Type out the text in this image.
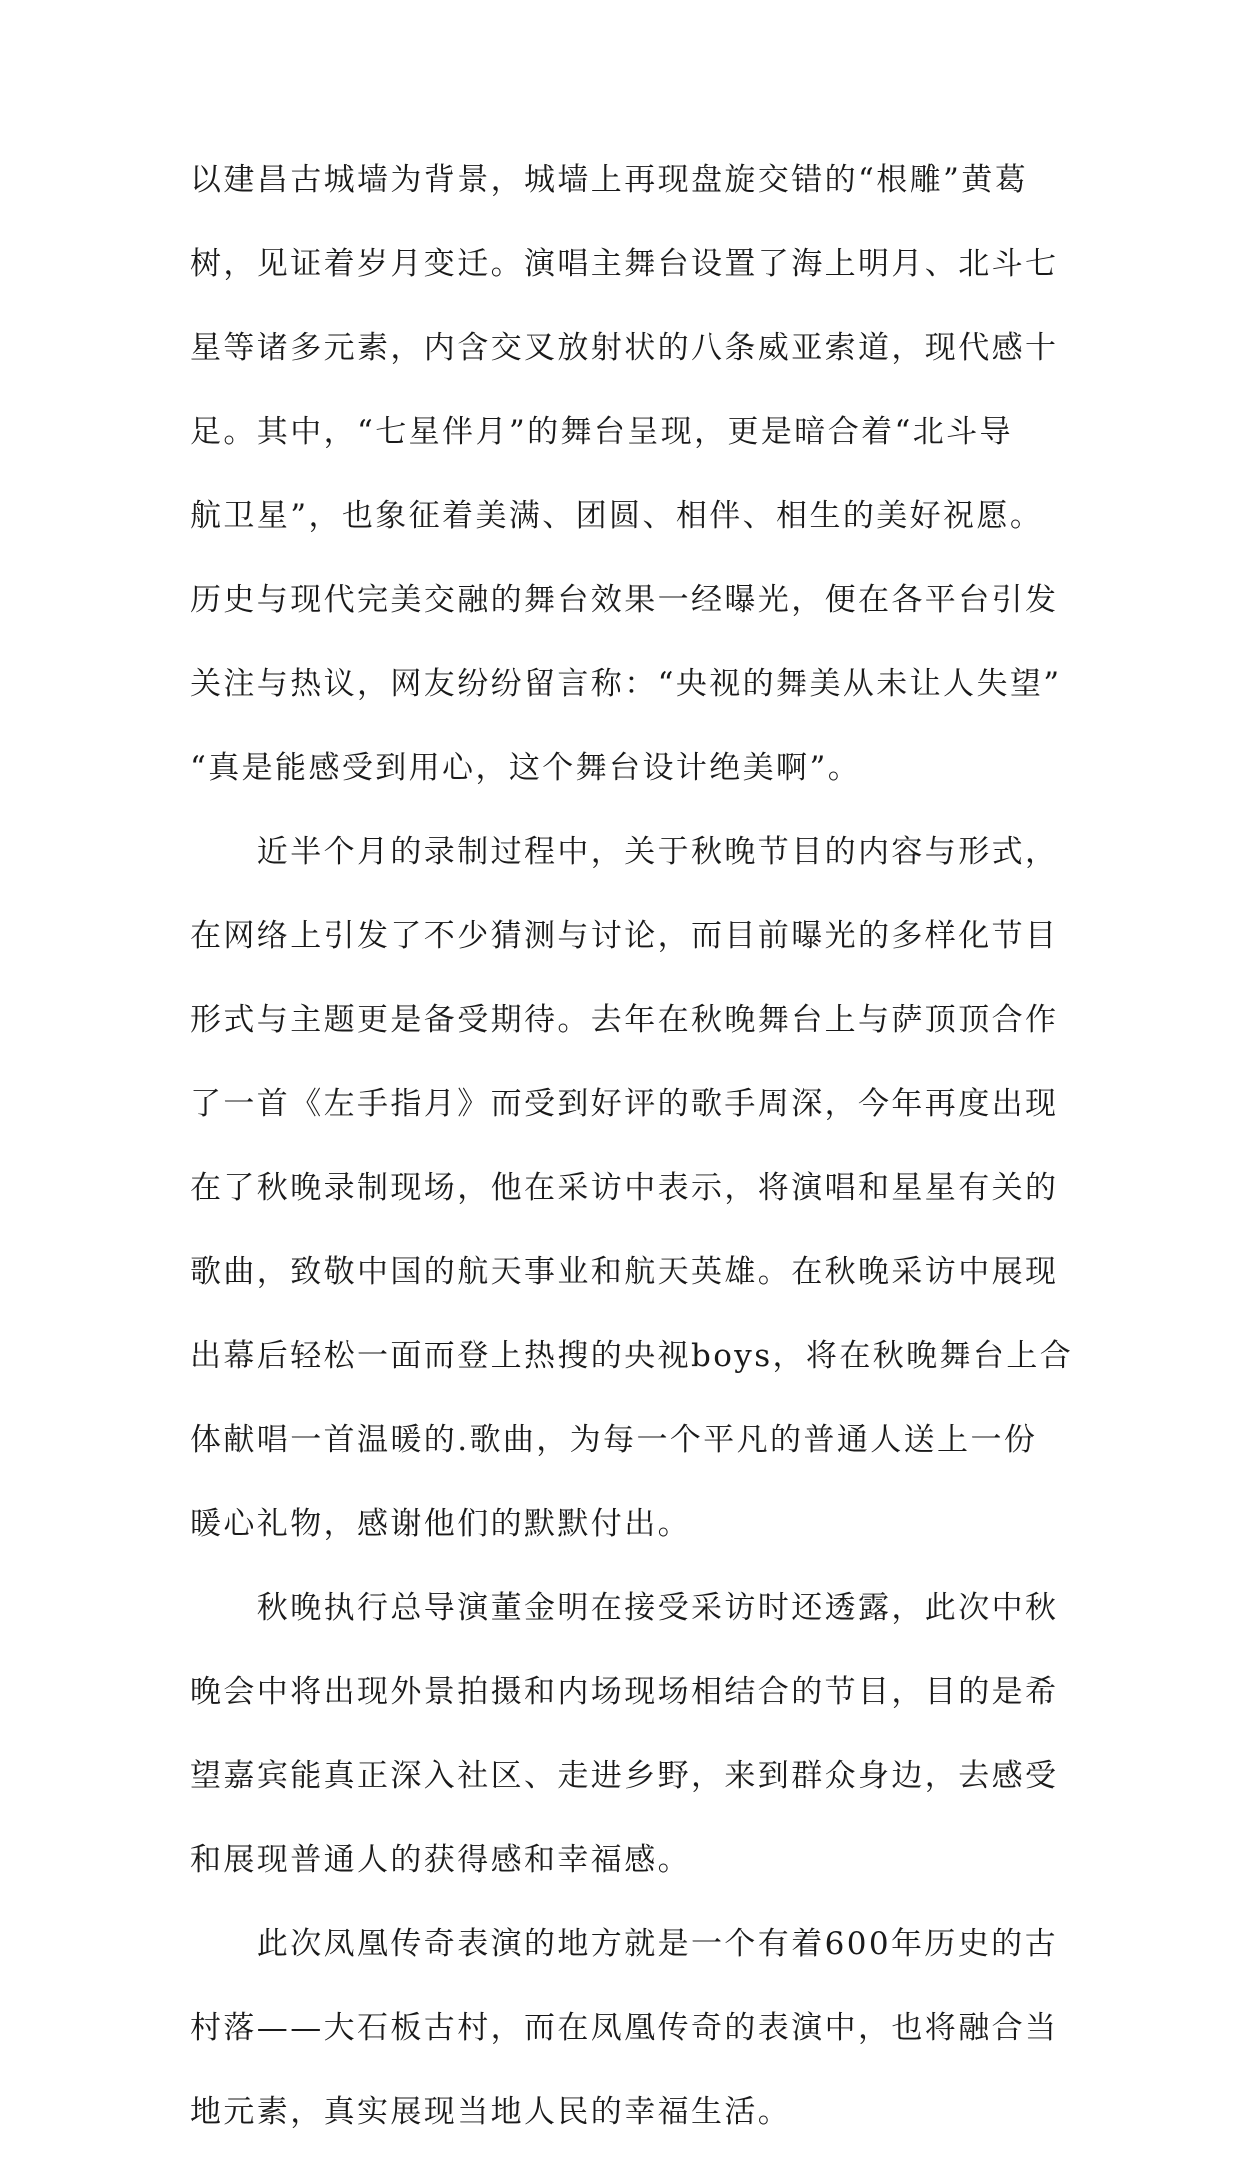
以建昌古城墙为背景，城墙上再现盘旋交错的“根雕”黄葛
树，见证着岁月变迁。演唱主舞台设置了海上明月、北斗七
星等诸多元素，内含交叉放射状的八条威亚索道，现代感十
足。其中，“七星伴月”的舞台呈现，更是暗合着“北斗导
航卫星”，也象征着美满、团圆、相伴、相生的美好祝愿。
历史与现代完美交融的舞台效果一经曝光，便在各平台引发
关注与热议，网友纷纷留言称：“央视的舞美从未让人失望”
“真是能感受到用心，这个舞台设计绝美啊”。
　　近半个月的录制过程中，关于秋晚节目的内容与形式，
在网络上引发了不少猜测与讨论，而目前曝光的多样化节目
形式与主题更是备受期待。去年在秋晚舞台上与萨顶顶合作
了一首《左手指月》而受到好评的歌手周深，今年再度出现
在了秋晚录制现场，他在采访中表示，将演唱和星星有关的
歌曲，致敬中国的航天事业和航天英雄。在秋晚采访中展现
出幕后轻松一面而登上热搜的央视boys，将在秋晚舞台上合
体献唱一首温暖的.歌曲，为每一个平凡的普通人送上一份
暖心礼物，感谢他们的默默付出。
　　秋晚执行总导演董金明在接受采访时还透露，此次中秋
晚会中将出现外景拍摄和内场现场相结合的节目，目的是希
望嘉宾能真正深入社区、走进乡野，来到群众身边，去感受
和展现普通人的获得感和幸福感。
　　此次凤凰传奇表演的地方就是一个有着600年历史的古
村落——大石板古村，而在凤凰传奇的表演中，也将融合当
地元素，真实展现当地人民的幸福生活。
